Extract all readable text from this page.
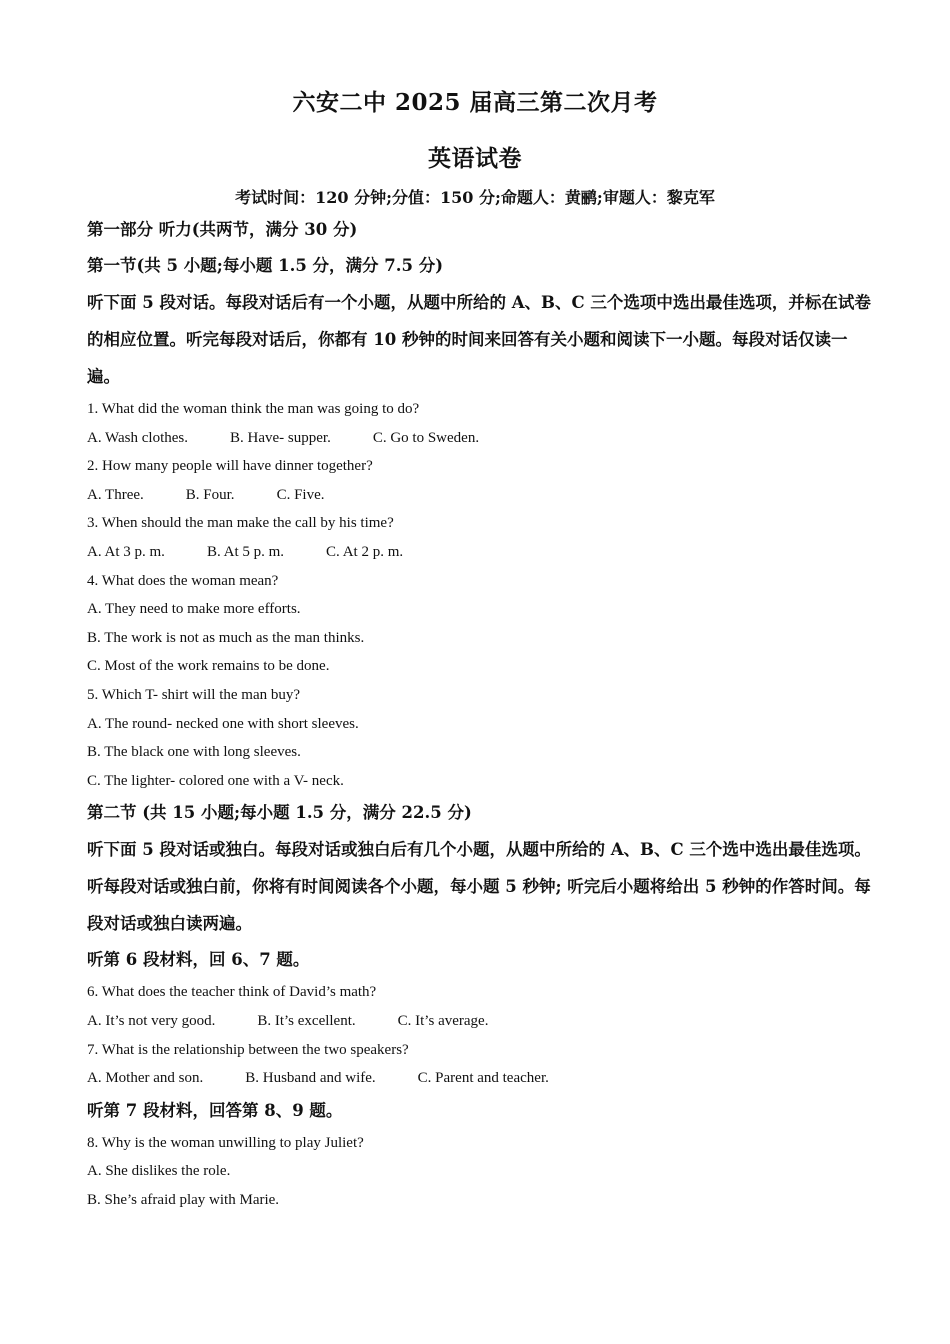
六安二中 2025 届高三第二次月考
英语试卷
考试时间：120 分钟;分值：150 分;命题人：黄鹂;审题人：黎克军
第一部分 听力(共两节，满分 30 分)
第一节(共 5 小题;每小题 1.5 分，满分 7.5 分)

听下面 5 段对话。每段对话后有一个小题，从题中所给的 A、B、C 三个选项中选出最佳选项，并标在试卷的相应位置。听完每段对话后，你都有 10 秒钟的时间来回答有关小题和阅读下一小题。每段对话仅读一遍。

1. What did the woman think the man was going to do?
A. Wash clothes.	B. Have- supper.	C. Go to Sweden.
2. How many people will have dinner together?
A. Three.	B. Four.	C. Five.
3. When should the man make the call by his time?
A. At 3 p. m.	B. At 5 p. m.	C. At 2 p. m.
4. What does the woman mean?
A. They need to make more efforts.
B. The work is not as much as the man thinks.
C. Most of the work remains to be done.
5. Which T- shirt will the man buy?
A. The round- necked one with short sleeves.
B. The black one with long sleeves.
C. The lighter- colored one with a V- neck.
第二节 (共 15 小题;每小题 1.5 分，满分 22.5 分)

听下面 5 段对话或独白。每段对话或独白后有几个小题，从题中所给的 A、B、C 三个选中选出最佳选项。听每段对话或独白前，你将有时间阅读各个小题，每小题 5 秒钟; 听完后小题将给出 5 秒钟的作答时间。每段对话或独白读两遍。

听第 6 段材料，回 6、7 题。
6. What does the teacher think of David’s math?
A. It’s not very good.	B. It’s excellent.	C. It’s average.
7. What is the relationship between the two speakers?
A. Mother and son.	B. Husband and wife.	C. Parent and teacher.
听第 7 段材料，回答第 8、9 题。
8. Why is the woman unwilling to play Juliet?
A. She dislikes the role.
B. She’s afraid play with Marie.
